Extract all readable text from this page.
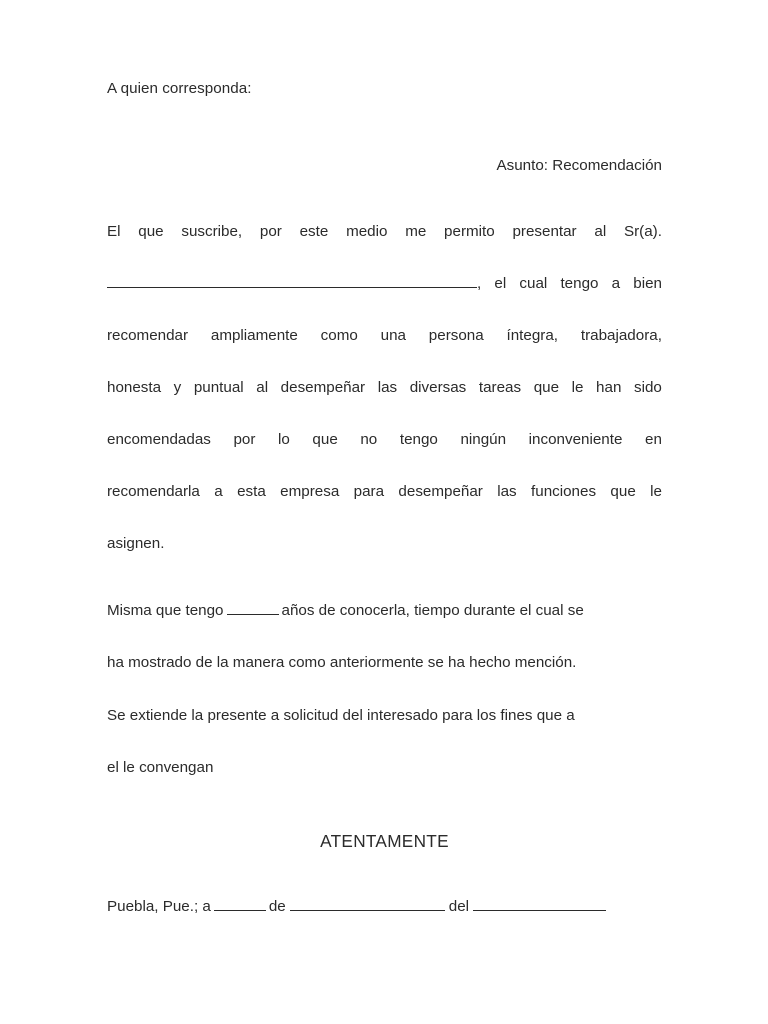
A quien corresponda:
Asunto: Recomendación
El que suscribe, por este medio me permito presentar al Sr(a).
, el cual tengo a bien
recomendar ampliamente como una persona íntegra, trabajadora,
honesta y puntual al desempeñar las diversas tareas que le han sido
encomendadas por lo que no tengo ningún inconveniente en
recomendarla a esta empresa para desempeñar las funciones que le
asignen.
Misma que tengo	años de conocerla, tiempo durante el cual se
ha mostrado de la manera como anteriormente se ha hecho mención.
Se extiende la presente a solicitud del interesado para los fines que a
el le convengan
ATENTAMENTE
Puebla, Pue.; a	de	del
